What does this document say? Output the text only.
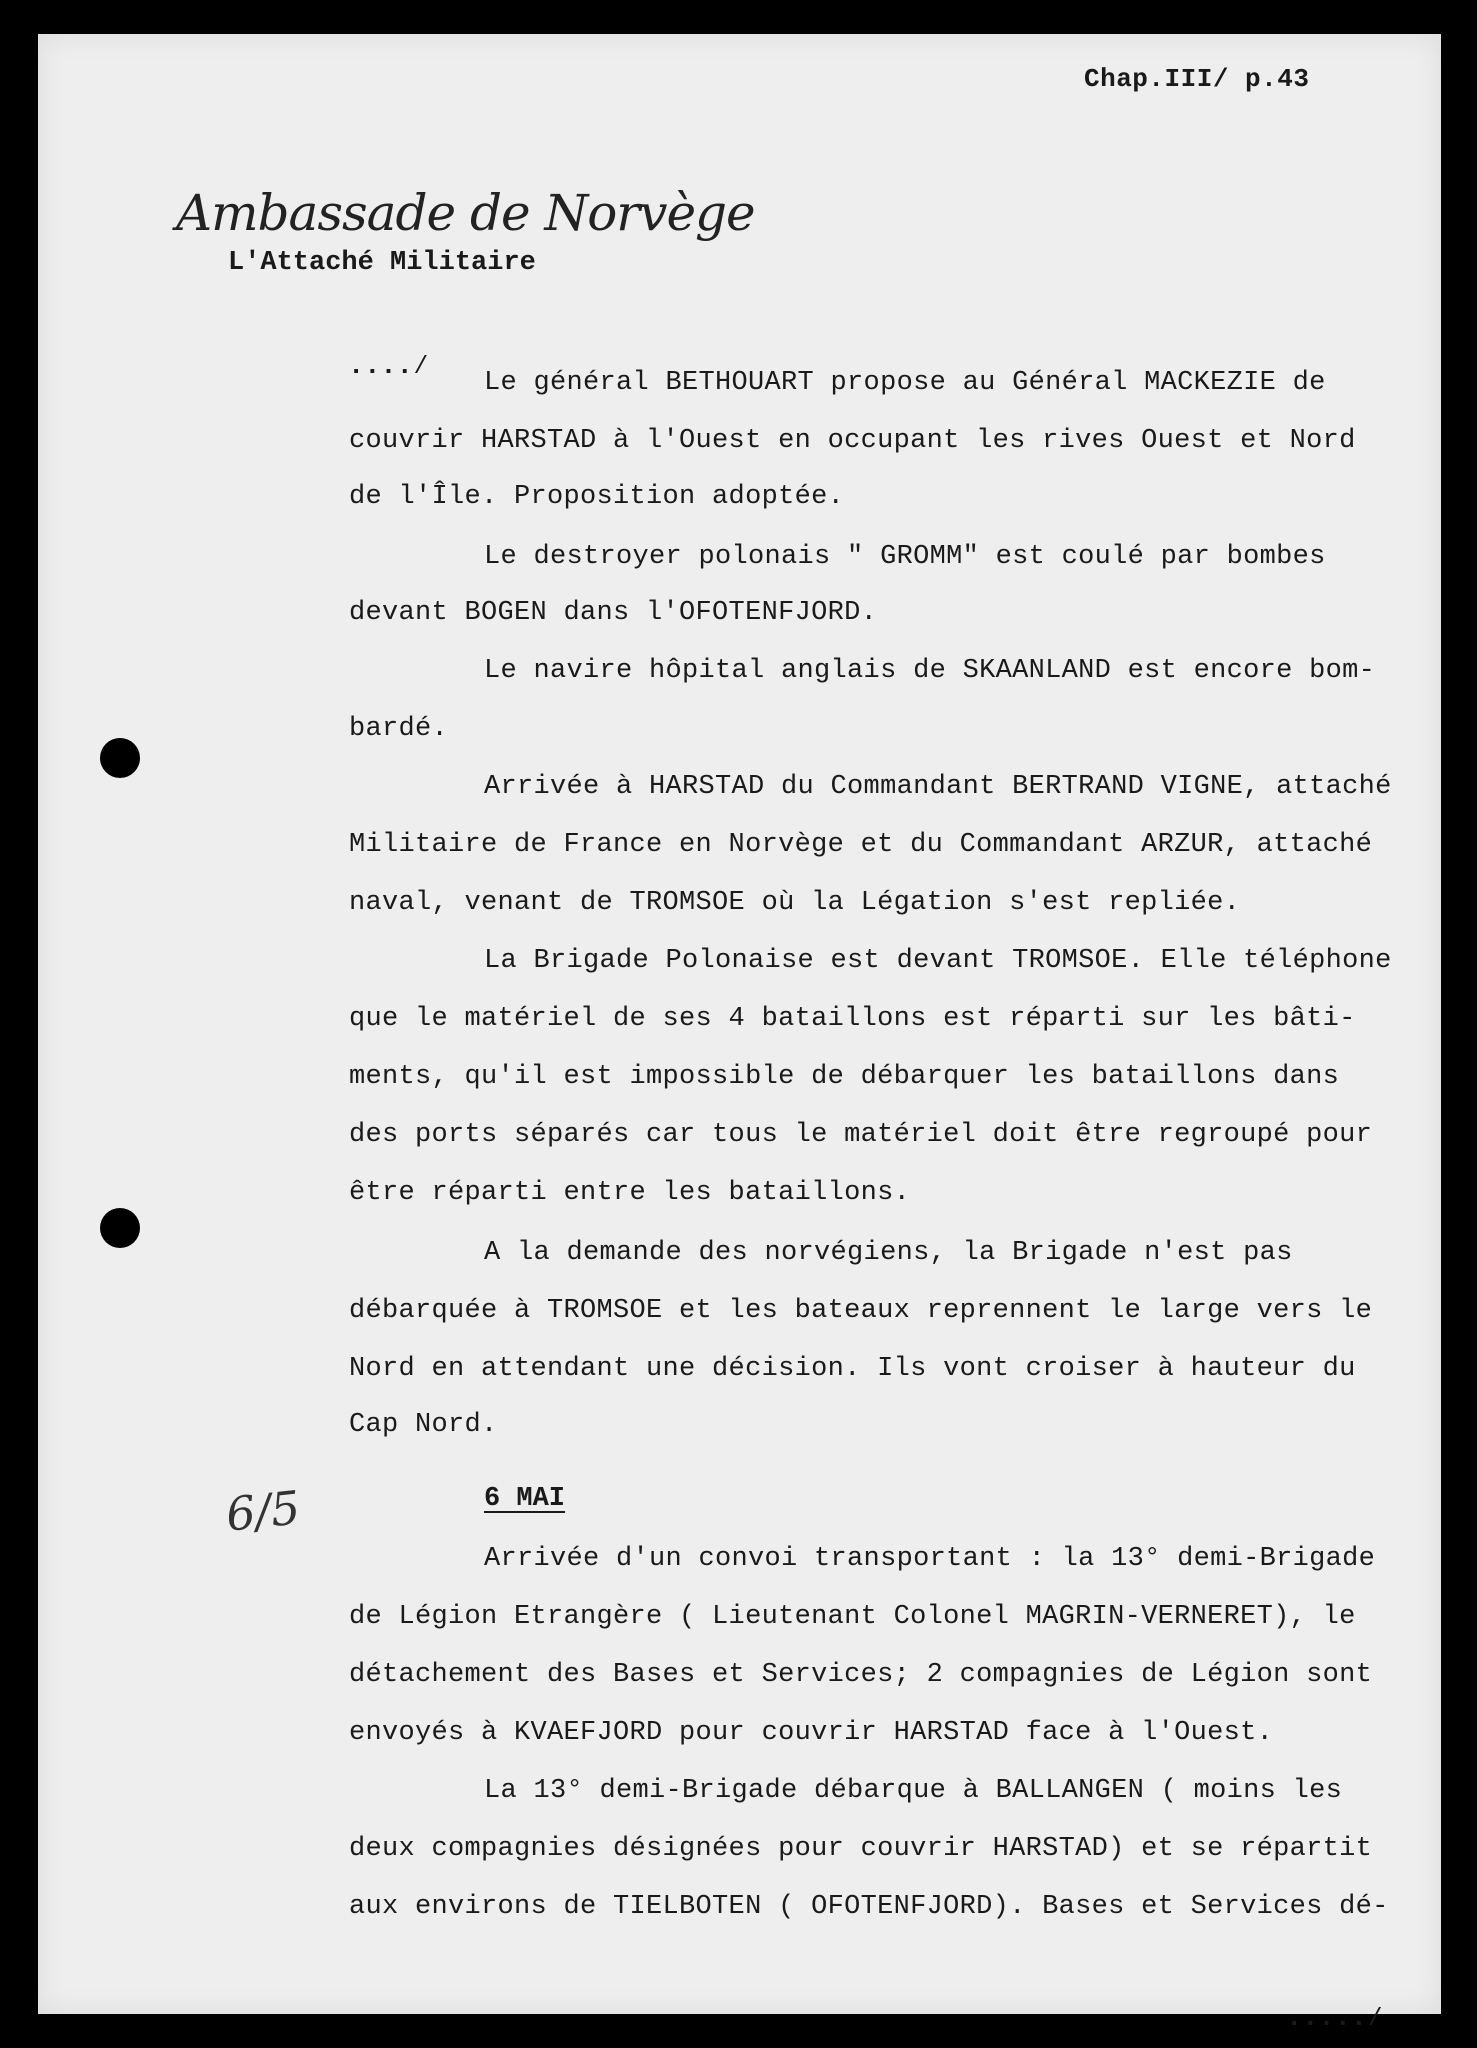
Chap.III/ p.43
Ambassade de Norvège
L'Attaché Militaire
....⁄
Le général BETHOUART propose au Général MACKEZIE de
couvrir HARSTAD à l'Ouest en occupant les rives Ouest et Nord
de l'Île. Proposition adoptée.
Le destroyer polonais " GROMM" est coulé par bombes
devant BOGEN dans l'OFOTENFJORD.
Le navire hôpital anglais de SKAANLAND est encore bom-
bardé.
Arrivée à HARSTAD du Commandant BERTRAND VIGNE, attaché
Militaire de France en Norvège et du Commandant ARZUR, attaché
naval, venant de TROMSOE où la Légation s'est repliée.
La Brigade Polonaise est devant TROMSOE. Elle téléphone
que le matériel de ses 4 bataillons est réparti sur les bâti-
ments, qu'il est impossible de débarquer les bataillons dans
des ports séparés car tous le matériel doit être regroupé pour
être réparti entre les bataillons.
A la demande des norvégiens, la Brigade n'est pas
débarquée à TROMSOE et les bateaux reprennent le large vers le
Nord en attendant une décision. Ils vont croiser à hauteur du
Cap Nord.
6/5	6 MAI
Arrivée d'un convoi transportant : la 13° demi-Brigade
de Légion Etrangère ( Lieutenant Colonel MAGRIN-VERNERET), le
détachement des Bases et Services; 2 compagnies de Légion sont
envoyés à KVAEFJORD pour couvrir HARSTAD face à l'Ouest.
La 13° demi-Brigade débarque à BALLANGEN ( moins les
deux compagnies désignées pour couvrir HARSTAD) et se répartit
aux environs de TIELBOTEN ( OFOTENFJORD). Bases et Services dé-
.....⁄
